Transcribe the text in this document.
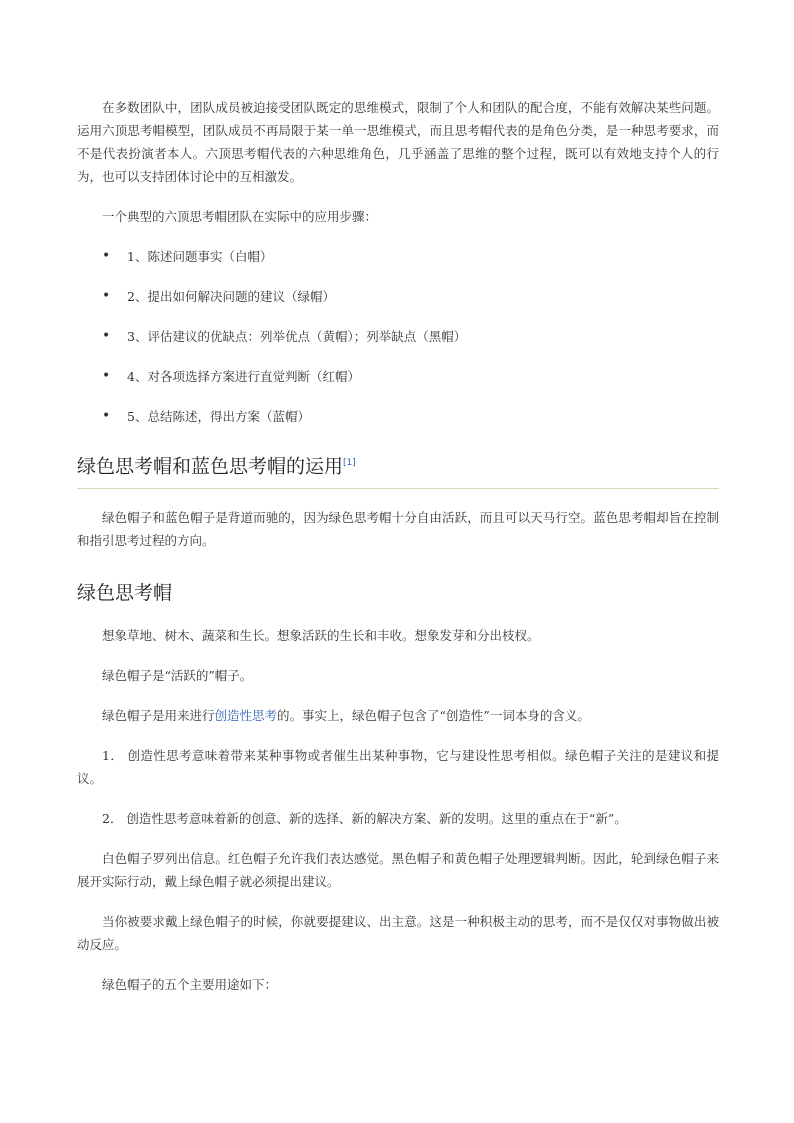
在多数团队中，团队成员被迫接受团队既定的思维模式，限制了个人和团队的配合度，不能有效解决某些问题。运用六顶思考帽模型，团队成员不再局限于某一单一思维模式，而且思考帽代表的是角色分类，是一种思考要求，而不是代表扮演者本人。六顶思考帽代表的六种思维角色，几乎涵盖了思维的整个过程，既可以有效地支持个人的行为，也可以支持团体讨论中的互相激发。

一个典型的六顶思考帽团队在实际中的应用步骤：

• 1、陈述问题事实（白帽）
• 2、提出如何解决问题的建议（绿帽）
• 3、评估建议的优缺点：列举优点（黄帽）；列举缺点（黑帽）
• 4、对各项选择方案进行直觉判断（红帽）
• 5、总结陈述，得出方案（蓝帽）
绿色思考帽和蓝色思考帽的运用[1]

绿色帽子和蓝色帽子是背道而驰的，因为绿色思考帽十分自由活跃，而且可以天马行空。蓝色思考帽却旨在控制和指引思考过程的方向。

绿色思考帽

想象草地、树木、蔬菜和生长。想象活跃的生长和丰收。想象发芽和分出枝杈。

绿色帽子是“活跃的”帽子。

绿色帽子是用来进行创造性思考的。事实上，绿色帽子包含了“创造性”一词本身的含义。

1． 创造性思考意味着带来某种事物或者催生出某种事物，它与建设性思考相似。绿色帽子关注的是建议和提议。

2． 创造性思考意味着新的创意、新的选择、新的解决方案、新的发明。这里的重点在于“新”。

白色帽子罗列出信息。红色帽子允许我们表达感觉。黑色帽子和黄色帽子处理逻辑判断。因此，轮到绿色帽子来展开实际行动，戴上绿色帽子就必须提出建议。

当你被要求戴上绿色帽子的时候，你就要提建议、出主意。这是一种积极主动的思考，而不是仅仅对事物做出被动反应。

绿色帽子的五个主要用途如下：
